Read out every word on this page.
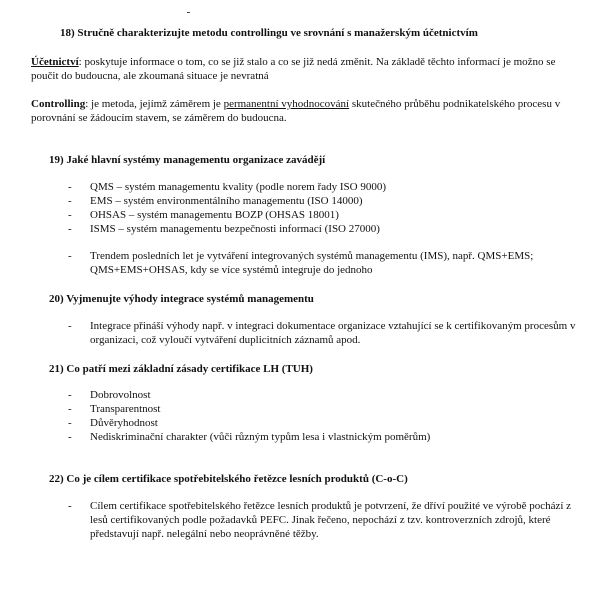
18) Stručně charakterizujte metodu controllingu ve srovnání s manažerským účetnictvím
Účetnictví: poskytuje informace o tom, co se již stalo a co se již nedá změnit. Na základě těchto informací je možno se poučit do budoucna, ale zkoumaná situace je nevratná
Controlling: je metoda, jejímž záměrem je permanentní vyhodnocování skutečného průběhu podnikatelského procesu v porovnání se žádoucím stavem, se záměrem do budoucna.
19) Jaké hlavní systémy managementu organizace zavádějí
- QMS – systém managementu kvality (podle norem řady ISO 9000)
- EMS – systém environmentálního managementu (ISO 14000)
- OHSAS – systém managementu BOZP (OHSAS 18001)
- ISMS – systém managementu bezpečnosti informací (ISO 27000)
- Trendem posledních let je vytváření integrovaných systémů managementu (IMS), např. QMS+EMS; QMS+EMS+OHSAS, kdy se více systémů integruje do jednoho
20) Vyjmenujte výhody integrace systémů managementu
- Integrace přináší výhody např. v integraci dokumentace organizace vztahující se k certifikovaným procesům v organizaci, což vyloučí vytváření duplicitních záznamů apod.
21) Co patří mezi základní zásady certifikace LH (TUH)
- Dobrovolnost
- Transparentnost
- Důvěryhodnost
- Nediskriminační charakter (vůči různým typům lesa i vlastnickým poměrům)
22) Co je cílem certifikace spotřebitelského řetězce lesních produktů (C-o-C)
- Cílem certifikace spotřebitelského řetězce lesních produktů je potvrzení, že dříví použité ve výrobě pochází z lesů certifikovaných podle požadavků PEFC. Jinak řečeno, nepochází z tzv. kontroverzních zdrojů, které představují např. nelegální nebo neoprávněné těžby.
